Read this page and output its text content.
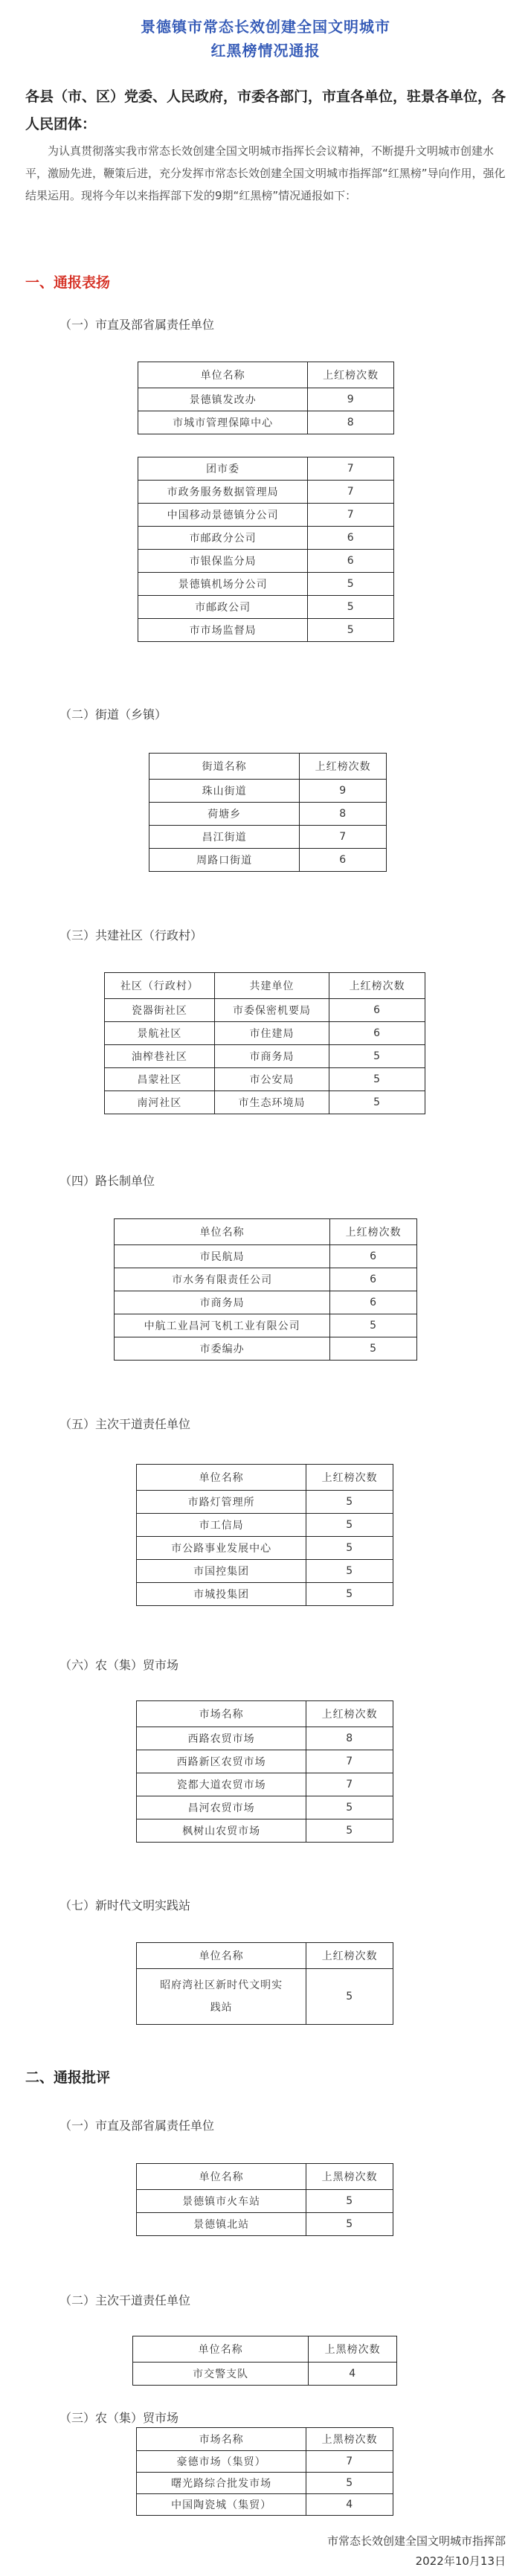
景德镇市常态长效创建全国文明城市
红黑榜情况通报
各县（市、区）党委、人民政府，市委各部门，市直各单位，驻景各单位，各人民团体：
为认真贯彻落实我市常态长效创建全国文明城市指挥长会议精神，不断提升文明城市创建水平，激励先进，鞭策后进，充分发挥市常态长效创建全国文明城市指挥部“红黑榜”导向作用，强化结果运用。现将今年以来指挥部下发的9期“红黑榜”情况通报如下：
一、通报表扬
（一）市直及部省属责任单位
单位名称	上红榜次数
景德镇发改办	9
市城市管理保障中心	8
团市委	7
市政务服务数据管理局	7
中国移动景德镇分公司	7
市邮政分公司	6
市银保监分局	6
景德镇机场分公司	5
市邮政公司	5
市市场监督局	5
（二）街道（乡镇）
街道名称	上红榜次数
珠山街道	9
荷塘乡	8
昌江街道	7
周路口街道	6
（三）共建社区（行政村）
社区（行政村）	共建单位	上红榜次数
瓷器街社区	市委保密机要局	6
景航社区	市住建局	6
油榨巷社区	市商务局	5
昌蒙社区	市公安局	5
南河社区	市生态环境局	5
（四）路长制单位
单位名称	上红榜次数
市民航局	6
市水务有限责任公司	6
市商务局	6
中航工业昌河飞机工业有限公司	5
市委编办	5
（五）主次干道责任单位
单位名称	上红榜次数
市路灯管理所	5
市工信局	5
市公路事业发展中心	5
市国控集团	5
市城投集团	5
（六）农（集）贸市场
市场名称	上红榜次数
西路农贸市场	8
西路新区农贸市场	7
瓷都大道农贸市场	7
昌河农贸市场	5
枫树山农贸市场	5
（七）新时代文明实践站
单位名称	上红榜次数
昭府湾社区新时代文明实践站	5
二、通报批评
（一）市直及部省属责任单位
单位名称	上黑榜次数
景德镇市火车站	5
景德镇北站	5
（二）主次干道责任单位
单位名称	上黑榜次数
市交警支队	4
（三）农（集）贸市场
市场名称	上黑榜次数
豪德市场（集贸）	7
曙光路综合批发市场	5
中国陶瓷城（集贸）	4
市常态长效创建全国文明城市指挥部
2022年10月13日
